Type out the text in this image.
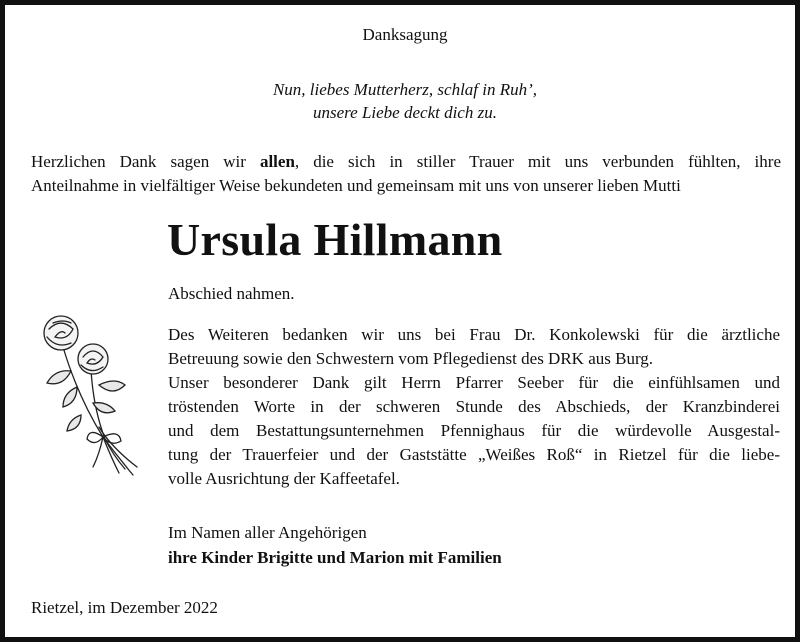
Danksagung
Nun, liebes Mutterherz, schlaf in Ruh’,
unsere Liebe deckt dich zu.
Herzlichen Dank sagen wir allen, die sich in stiller Trauer mit uns verbunden fühlten, ihre
Anteilnahme in vielfältiger Weise bekundeten und gemeinsam mit uns von unserer lieben Mutti
Ursula Hillmann
Abschied nahmen.
Des Weiteren bedanken wir uns bei Frau Dr. Konkolewski für die ärztliche
Betreuung sowie den Schwestern vom Pflegedienst des DRK aus Burg.
Unser besonderer Dank gilt Herrn Pfarrer Seeber für die einfühlsamen und
tröstenden Worte in der schweren Stunde des Abschieds, der Kranzbinderei
und dem Bestattungsunternehmen Pfennighaus für die würdevolle Ausgestal-
tung der Trauerfeier und der Gaststätte „Weißes Roß“ in Rietzel für die liebe-
volle Ausrichtung der Kaffeetafel.
Im Namen aller Angehörigen
ihre Kinder Brigitte und Marion mit Familien
Rietzel, im Dezember 2022
